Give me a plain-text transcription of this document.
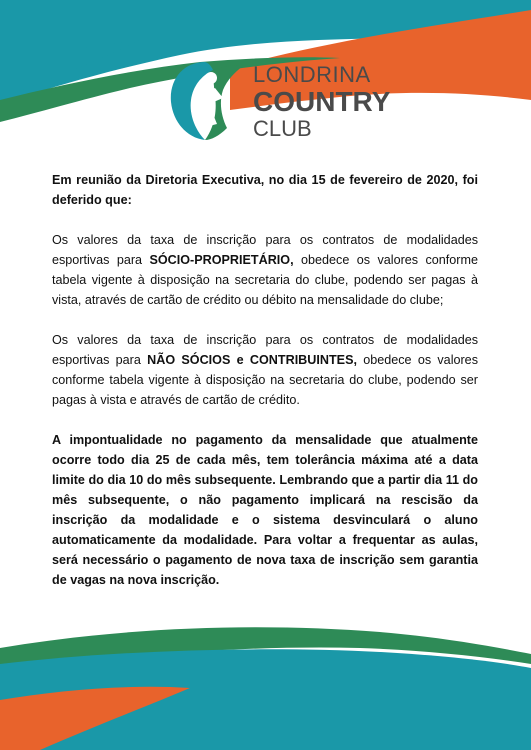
LONDRINA
COUNTRY
CLUB

Em reunião da Diretoria Executiva, no dia 15 de fevereiro de 2020, foi deferido que:

Os valores da taxa de inscrição para os contratos de modalidades esportivas para SÓCIO-PROPRIETÁRIO, obedece os valores conforme tabela vigente à disposição na secretaria do clube, podendo ser pagas à vista, através de cartão de crédito ou débito na mensalidade do clube;

Os valores da taxa de inscrição para os contratos de modalidades esportivas para NÃO SÓCIOS e CONTRIBUINTES, obedece os valores conforme tabela vigente à disposição na secretaria do clube, podendo ser pagas à vista e através de cartão de crédito.

A impontualidade no pagamento da mensalidade que atualmente ocorre todo dia 25 de cada mês, tem tolerância máxima até a data limite do dia 10 do mês subsequente. Lembrando que a partir dia 11 do mês subsequente, o não pagamento implicará na rescisão da inscrição da modalidade e o sistema desvinculará o aluno automaticamente da modalidade. Para voltar a frequentar as aulas, será necessário o pagamento de nova taxa de inscrição sem garantia de vagas na nova inscrição.
